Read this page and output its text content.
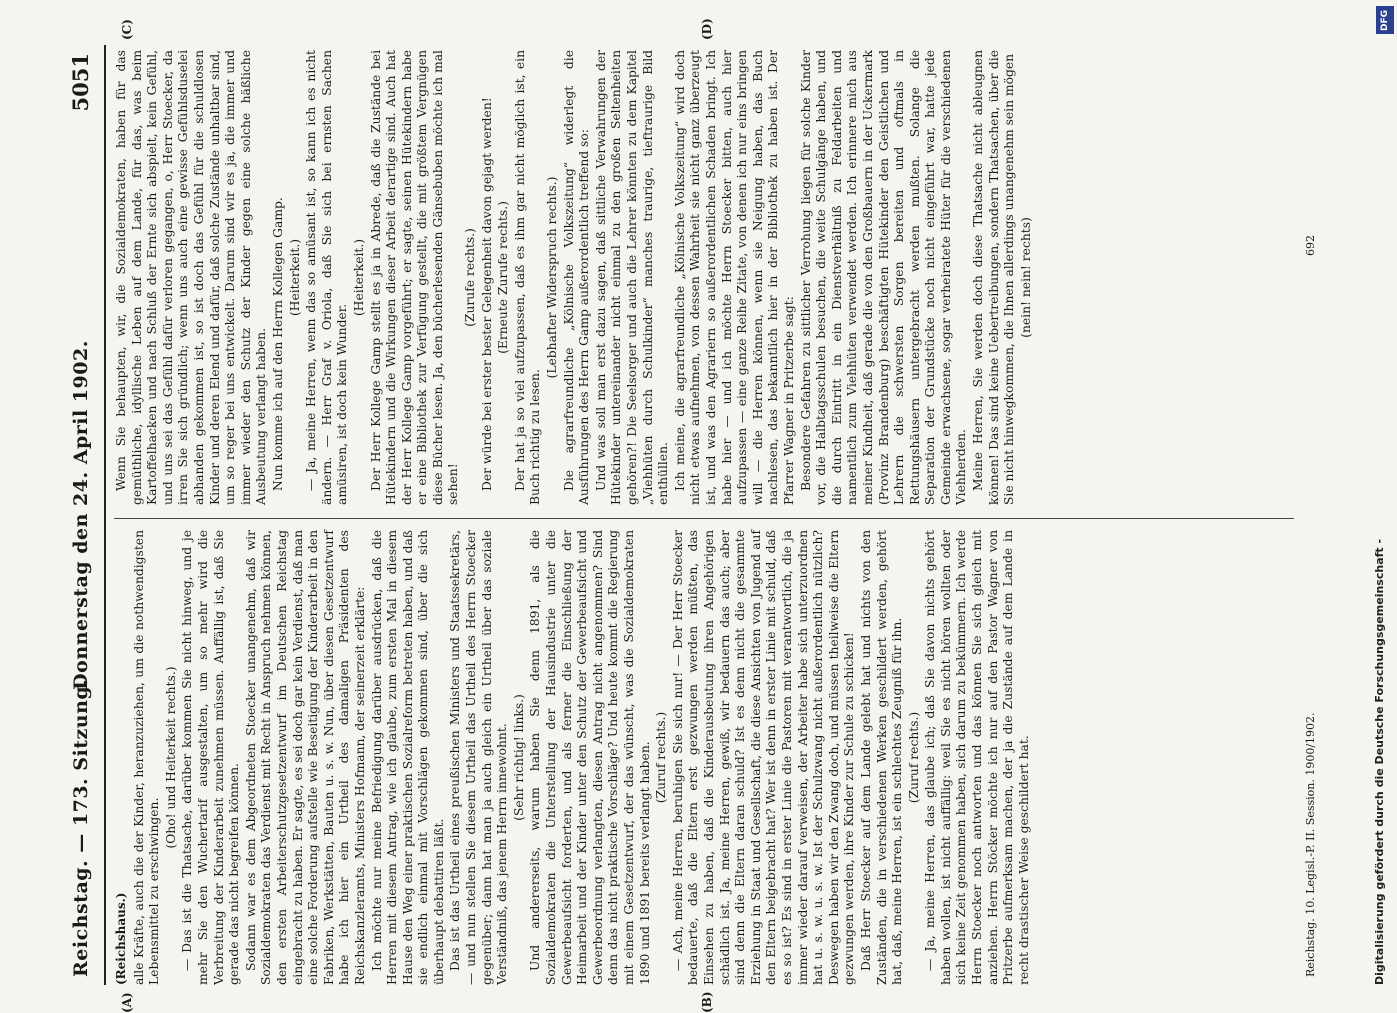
Reichstag. — 173. Sitzung.
Donnerstag den 24. April 1902.
5051
(A)	(B)
(C)	(D)

(Reichshaus.) alle Kräfte, auch die der Kinder, heranzuziehen, um die nothwendigsten Lebensmittel zu erschwingen.

(Oho! und Heiterkeit rechts.) — Das ist die Thatsache, darüber kommen Sie nicht hinweg, und je mehr Sie den Wuchertarif ausgestalten, um so mehr wird die Verbreitung der Kinderarbeit zunehmen müssen. Auffällig ist, daß Sie gerade das nicht begreifen können. Sodann war es dem Abgeordneten Stoecker unangenehm, daß wir Sozialdemokraten das Verdienst mit Recht in Anspruch nehmen können, den ersten Arbeiterschutzgesetzentwurf im Deutschen Reichstag eingebracht zu haben. Er sagte, es sei doch gar kein Verdienst, daß man eine solche Forderung aufstelle wie Beseitigung der Kinderarbeit in den Fabriken, Werkstätten, Bauten u. s. w. Nun, über diesen Gesetzentwurf habe ich hier ein Urtheil des damaligen Präsidenten des Reichskanzleramts, Ministers Hofmann, der seinerzeit erklärte: Ich möchte nur meine Befriedigung darüber ausdrücken, daß die Herren mit diesem Antrag, wie ich glaube, zum ersten Mal in diesem Hause den Weg einer praktischen Sozialreform betreten haben, und daß sie endlich einmal mit Vorschlägen gekommen sind, über die sich überhaupt debattiren läßt. Das ist das Urtheil eines preußischen Ministers und Staatssekretärs, — und nun stellen Sie diesem Urtheil das Urtheil des Herrn Stoecker gegenüber; dann hat man ja auch gleich ein Urtheil über das soziale Verständniß, das jenem Herrn innewohnt. (Sehr richtig! links.) Und andererseits, warum haben Sie denn 1891, als die Sozialdemokraten die Unterstellung der Hausindustrie unter die Gewerbeaufsicht forderten, und als ferner die Einschließung der Heimarbeit und der Kinder unter den Schutz der Gewerbeaufsicht und Gewerbeordnung verlangten, diesen Antrag nicht angenommen? Sind denn das nicht praktische Vorschläge? Und heute kommt die Regierung mit einem Gesetzentwurf, der das wünscht, was die Sozialdemokraten 1890 und 1891 bereits verlangt haben. (Zuruf rechts.) — Ach, meine Herren, beruhigen Sie sich nur! — Der Herr Stoecker bedauerte, daß die Eltern erst gezwungen werden müßten, das Einsehen zu haben, daß die Kinderausbeutung ihren Angehörigen schädlich ist. Ja, meine Herren, gewiß, wir bedauern das auch; aber sind denn die Eltern daran schuld? Ist es denn nicht die gesammte Erziehung in Staat und Gesellschaft, die diese Ansichten von Jugend auf den Eltern beigebracht hat? Wer ist denn in erster Linie mit schuld, daß es so ist? Es sind in erster Linie die Pastoren mit verantwortlich, die ja immer wieder darauf verweisen, der Arbeiter habe sich unterzuordnen hat u. s. w. u. s. w. Ist der Schulzwang nicht außerordentlich nützlich? Deswegen haben wir den Zwang doch, und müssen theilweise die Eltern gezwungen werden, ihre Kinder zur Schule zu schicken! Daß Herr Stoecker auf dem Lande gelebt hat und nichts von den Zuständen, die in verschiedenen Werken geschildert werden, gehört hat, daß, meine Herren, ist ein schlechtes Zeugniß für ihn. (Zuruf rechts.) — Ja, meine Herren, das glaube ich; daß Sie davon nichts gehört haben wollen, ist nicht auffällig: weil Sie es nicht hören wollten oder sich keine Zeit genommen haben, sich darum zu bekümmern. Ich werde Herrn Stoecker noch antworten und das können Sie sich gleich mit anziehen. Herrn Stöcker möchte ich nur auf den Pastor Wagner von Pritzerbe aufmerksam machen, der ja die Zustände auf dem Lande in recht drastischer Weise geschildert hat.

Wenn Sie behaupten, wir, die Sozialdemokraten, haben für das gemüthliche, idyllische Leben auf dem Lande, für das, was beim Kartoffelhacken und nach Schluß der Ernte sich abspielt, kein Gefühl, und uns sei das Gefühl dafür verloren gegangen, o, Herr Stoecker, da irren Sie sich gründlich; wenn uns auch eine gewisse Gefühlsduselei abhanden gekommen ist, so ist doch das Gefühl für die schuldlosen Kinder und deren Elend und dafür, daß solche Zustände unhaltbar sind, um so reger bei uns entwickelt. Darum sind wir es ja, die immer und immer wieder den Schutz der Kinder gegen eine solche häßliche Ausbeutung verlangt haben. Nun komme ich auf den Herrn Kollegen Gamp. (Heiterkeit.) — Ja, meine Herren, wenn das so amüsant ist, so kann ich es nicht ändern. — Herr Graf v. Oriola, daß Sie sich bei ernsten Sachen amüsiren, ist doch kein Wunder.

(Heiterkeit.) Der Herr Kollege Gamp stellt es ja in Abrede, daß die Zustände bei Hütekindern und die Wirkungen dieser Arbeit derartige sind. Auch hat der Herr Kollege Gamp vorgeführt; er sagte, seinen Hütekindern habe er eine Bibliothek zur Verfügung gestellt, die mit größtem Vergnügen diese Bücher lesen. Ja, den bücherlesenden Gänsebuben möchte ich mal sehen!

(Zurufe rechts.) Der würde bei erster bester Gelegenheit davon gejagt werden! (Erneute Zurufe rechts.) Der hat ja so viel aufzupassen, daß es ihm gar nicht möglich ist, ein Buch richtig zu lesen.

(Lebhafter Widerspruch rechts.) Die agrarfreundliche „Kölnische Volkszeitung“ widerlegt die Ausführungen des Herrn Gamp außerordentlich treffend so: Und was soll man erst dazu sagen, daß sittliche Verwahrungen der Hütekinder untereinander nicht einmal zu den großen Seltenheiten gehören?! Die Seelsorger und auch die Lehrer könnten zu dem Kapitel „Viehhüten durch Schulkinder“ manches traurige, tieftraurige Bild enthüllen. Ich meine, die agrarfreundliche „Kölnische Volkszeitung“ wird doch nicht etwas aufnehmen, von dessen Wahrheit sie nicht ganz überzeugt ist, und was den Agrariern so außerordentlichen Schaden bringt. Ich habe hier — und ich möchte Herrn Stoecker bitten, auch hier aufzupassen — eine ganze Reihe Zitate, von denen ich nur eins bringen will — die Herren können, wenn sie Neigung haben, das Buch nachlesen, das bekanntlich hier in der Bibliothek zu haben ist. Der Pfarrer Wagner in Pritzerbe sagt: Besondere Gefahren zu sittlicher Verrohung liegen für solche Kinder vor, die Halbtagsschulen besuchen, die weite Schulgänge haben, und die durch Eintritt in ein Dienstverhältniß zu Feldarbeiten und namentlich zum Viehhüten verwendet werden. Ich erinnere mich aus meiner Kindheit, daß gerade die von den Großbauern in der Uckermark (Provinz Brandenburg) beschäftigten Hütekinder den Geistlichen und Lehrern die schwersten Sorgen bereiten und oftmals in Rettungshäusern untergebracht werden mußten. Solange die Separation der Grundstücke noch nicht eingeführt war, hatte jede Gemeinde erwachsene, sogar verheiratete Hüter für die verschiedenen Viehherden. Meine Herren, Sie werden doch diese Thatsache nicht ableugnen können! Das sind keine Uebertreibungen, sondern Thatsachen, über die Sie nicht hinwegkommen, die Ihnen allerdings unangenehm sein mögen (nein! nein! rechts)

Reichstag. 10. Legisl.-P. II. Session. 1900/1902.
692
Digitalisierung gefördert durch die Deutsche Forschungsgemeinschaft -
DFG
